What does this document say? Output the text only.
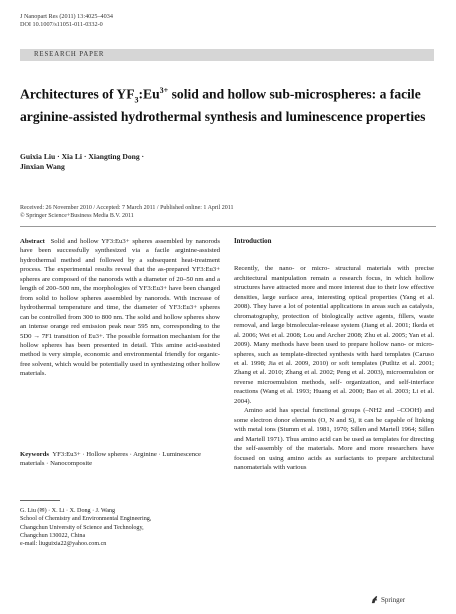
J Nanopart Res (2011) 13:4025–4034
DOI 10.1007/s11051-011-0332-0
RESEARCH PAPER
Architectures of $YF_3:Eu^{3+}$ solid and hollow sub-microspheres: a facile arginine-assisted hydrothermal synthesis and luminescence properties
Guixia Liu · Xia Li · Xiangting Dong ·
Jinxian Wang
Received: 26 November 2010 / Accepted: 7 March 2011 / Published online: 1 April 2011
© Springer Science+Business Media B.V. 2011

Abstract Solid and hollow YF3:Eu3+ spheres assembled by nanorods have been successfully synthesized via a facile arginine-assisted hydrothermal method and followed by a subsequent heat-treatment process. The experimental results reveal that the as-prepared YF3:Eu3+ spheres are composed of the nanorods with a diameter of 20–50 nm and a length of 200–500 nm, the morphologies of YF3:Eu3+ have been changed from solid to hollow spheres assembled by nanorods. With increase of hydrothermal temperature and time, the diameter of YF3:Eu3+ spheres can be controlled from 300 to 800 nm. The solid and hollow spheres show an intense orange red emission peak near 595 nm, corresponding to the 5D0 → 7F1 transition of Eu3+. The possible formation mechanism for the hollow spheres has been presented in detail. This amine acid-assisted method is very simple, economic and environmental friendly for organic-free solvent, which would be potentially used in synthesizing other hollow materials.

Keywords YF3:Eu3+ · Hollow spheres · Arginine · Luminescence materials · Nanocomposite
G. Liu (✉) · X. Li · X. Dong · J. Wang
School of Chemistry and Environmental Engineering,
Changchun University of Science and Technology,
Changchun 130022, China
e-mail: liuguixia22@yahoo.com.cn
Introduction

Recently, the nano- or micro- structural materials with precise architectural manipulation remain a research focus, in which hollow structures have attracted more and more interest due to their low effective densities, large surface area, interesting optical properties (Yang et al. 2008). They have a lot of potential applications in areas such as catalysis, chromatography, protection of biologically active agents, fillers, waste removal, and large bimolecular-release system (Jiang et al. 2001; Ikeda et al. 2006; Wei et al. 2008; Lou and Archer 2008; Zhu et al. 2005; Yan et al. 2009). Many methods have been used to prepare hollow nano- or micro-spheres, such as template-directed synthesis with hard templates (Caruso et al. 1998; Jia et al. 2009, 2010) or soft templates (Putlitz et al. 2001; Zhang et al. 2010; Zhang et al. 2002; Peng et al. 2003), microemulsion or reverse microemulsion methods, self- organization, and self-interface reactions (Wang et al. 1993; Huang et al. 2000; Bao et al. 2003; Li et al. 2004).

Amino acid has special functional groups (–NH2 and –COOH) and some electron donor elements (O, N and S), it can be capable of linking with metal ions (Stumm et al. 1981, 1970; Sillen and Martell 1964; Sillen and Martell 1971). Thus amino acid can be used as templates for directing the self-assembly of the materials. More and more researchers have focused on using amino acids as surfactants to prepare architectural nanomaterials with various

Springer
